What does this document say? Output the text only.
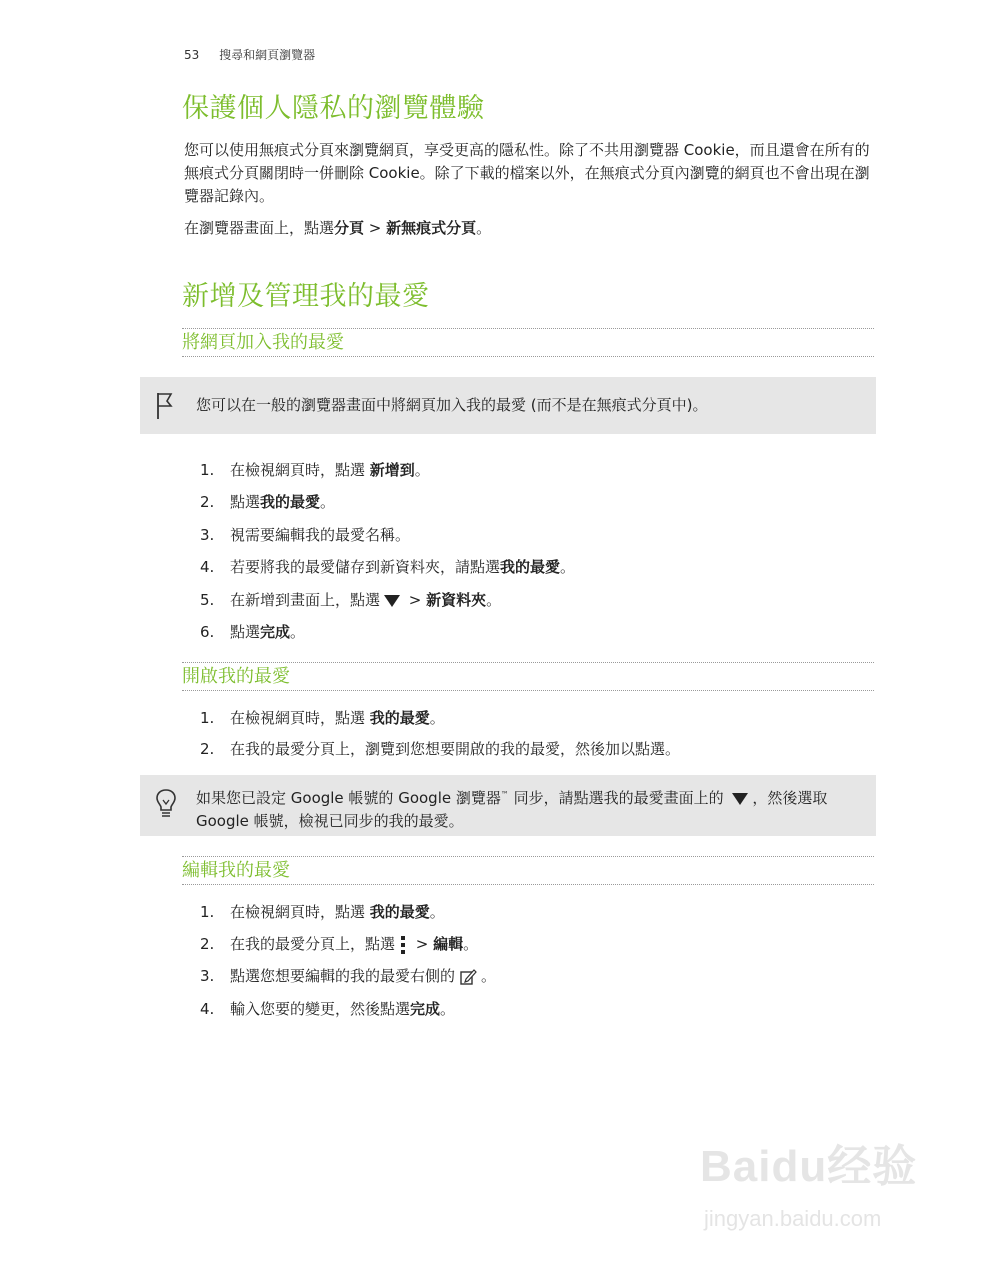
53 搜尋和網頁瀏覽器
保護個人隱私的瀏覽體驗
您可以使用無痕式分頁來瀏覽網頁，享受更高的隱私性。除了不共用瀏覽器 Cookie，而且還會在所有的無痕式分頁關閉時一併刪除 Cookie。除了下載的檔案以外，在無痕式分頁內瀏覽的網頁也不會出現在瀏覽器記錄內。
在瀏覽器畫面上，點選分頁 > 新無痕式分頁。
新增及管理我的最愛
將網頁加入我的最愛
您可以在一般的瀏覽器畫面中將網頁加入我的最愛 (而不是在無痕式分頁中)。
1. 在檢視網頁時，點選 新增到。
2. 點選我的最愛。
3. 視需要編輯我的最愛名稱。
4. 若要將我的最愛儲存到新資料夾，請點選我的最愛。
5. 在新增到畫面上，點選 > 新資料夾。
6. 點選完成。
開啟我的最愛
1. 在檢視網頁時，點選 我的最愛。
2. 在我的最愛分頁上，瀏覽到您想要開啟的我的最愛，然後加以點選。
如果您已設定 Google 帳號的 Google 瀏覽器™ 同步，請點選我的最愛畫面上的 ，然後選取 Google 帳號，檢視已同步的我的最愛。
編輯我的最愛
1. 在檢視網頁時，點選 我的最愛。
2. 在我的最愛分頁上，點選 > 編輯。
3. 點選您想要編輯的我的最愛右側的 。
4. 輸入您要的變更，然後點選完成。
Baidu经验
jingyan.baidu.com
